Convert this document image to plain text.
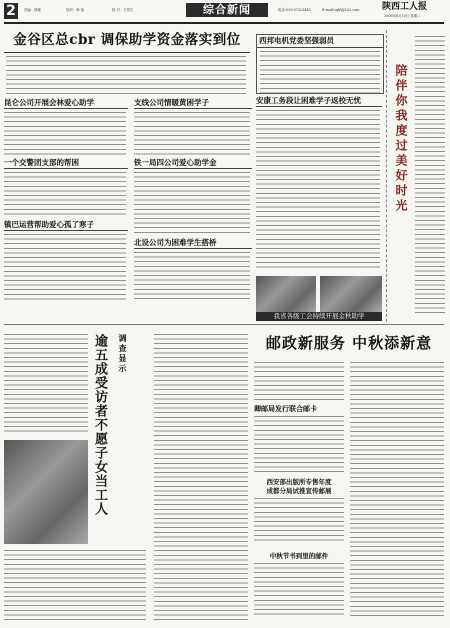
2	责编：韩雄	组织：韩 蓓	校 对：王哥生	综合新闻	电话:029-87323445	E-mail:sqbl@163.com	陕西工人报
2008年6月10日 星期二
金谷区总cbr 调保助学资金落实到位
昆仑公司开展会林爱心助学
一个交警团支部的帮困
镇巴运营帮助爱心孤了寒子
支线公司情暖黄困学子
铁一局四公司爱心助学金
北设公司为困难学生搭桥
西邦电机党委坚强弱员
安康工务段让困难学子返校无忧
我省各级工会持续开展金秋助学
陪伴你我度过美好时光
调查显示
逾五成受访者不愿子女当工人	邮政新服务 中秋添新意
卿邮局发行联合邮卡
西安部出版所专售年度
成都分局试推宣传邮展
中秋节书到里的邮件
